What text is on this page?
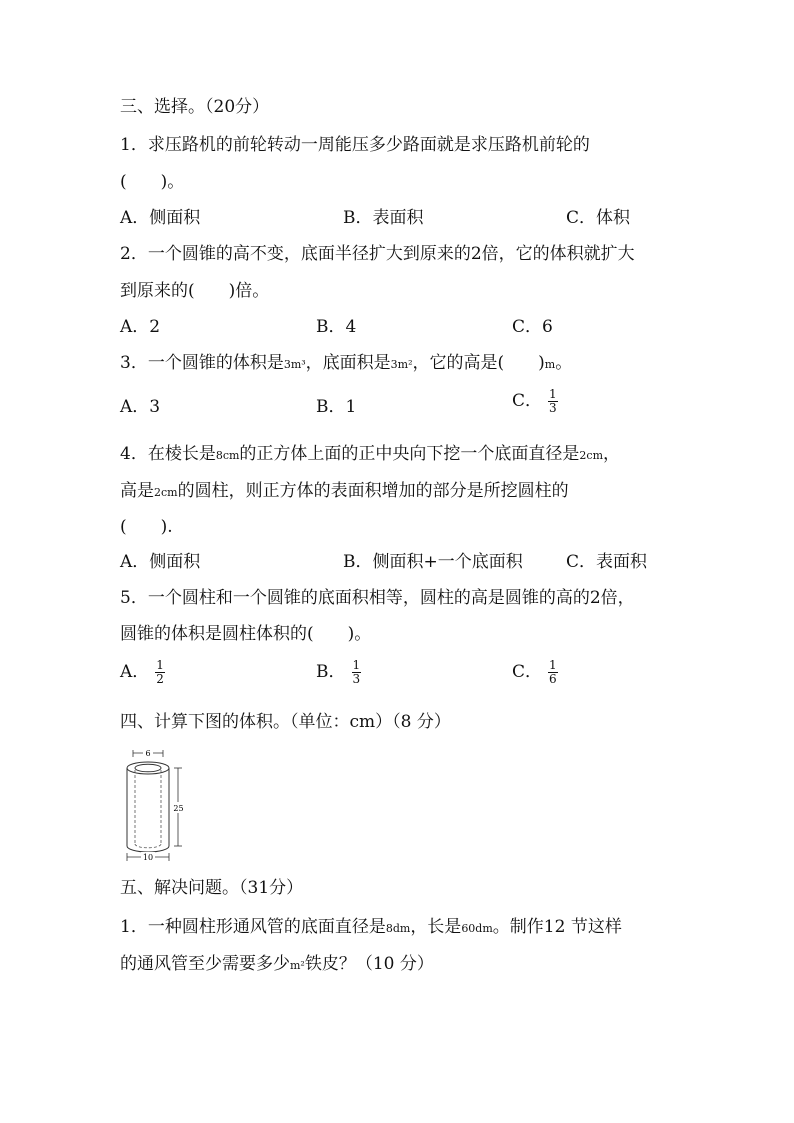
三、选择。（20分）
1．求压路机的前轮转动一周能压多少路面就是求压路机前轮的
(　　)。
A．侧面积	B．表面积	C．体积
2．一个圆锥的高不变，底面半径扩大到原来的2倍，它的体积就扩大
到原来的(　　)倍。
A．2	B．4	C．6
3．一个圆锥的体积是3m³，底面积是3m²，它的高是(　　)m。
A．3	B．1	C． $\frac{1}{3}$
4．在棱长是8cm的正方体上面的正中央向下挖一个底面直径是2cm，
高是2cm的圆柱，则正方体的表面积增加的部分是所挖圆柱的
(　　).
A．侧面积	B．侧面积+一个底面积	C．表面积
5．一个圆柱和一个圆锥的底面积相等，圆柱的高是圆锥的高的2倍，
圆锥的体积是圆柱体积的(　　)。
A． $\frac{1}{2}$	B． $\frac{1}{3}$	C． $\frac{1}{6}$
四、计算下图的体积。（单位：cm）（8 分）
6
25
10
五、解决问题。（31分）
1．一种圆柱形通风管的底面直径是8dm，长是60dm。制作12 节这样
的通风管至少需要多少m²铁皮？（10 分）
